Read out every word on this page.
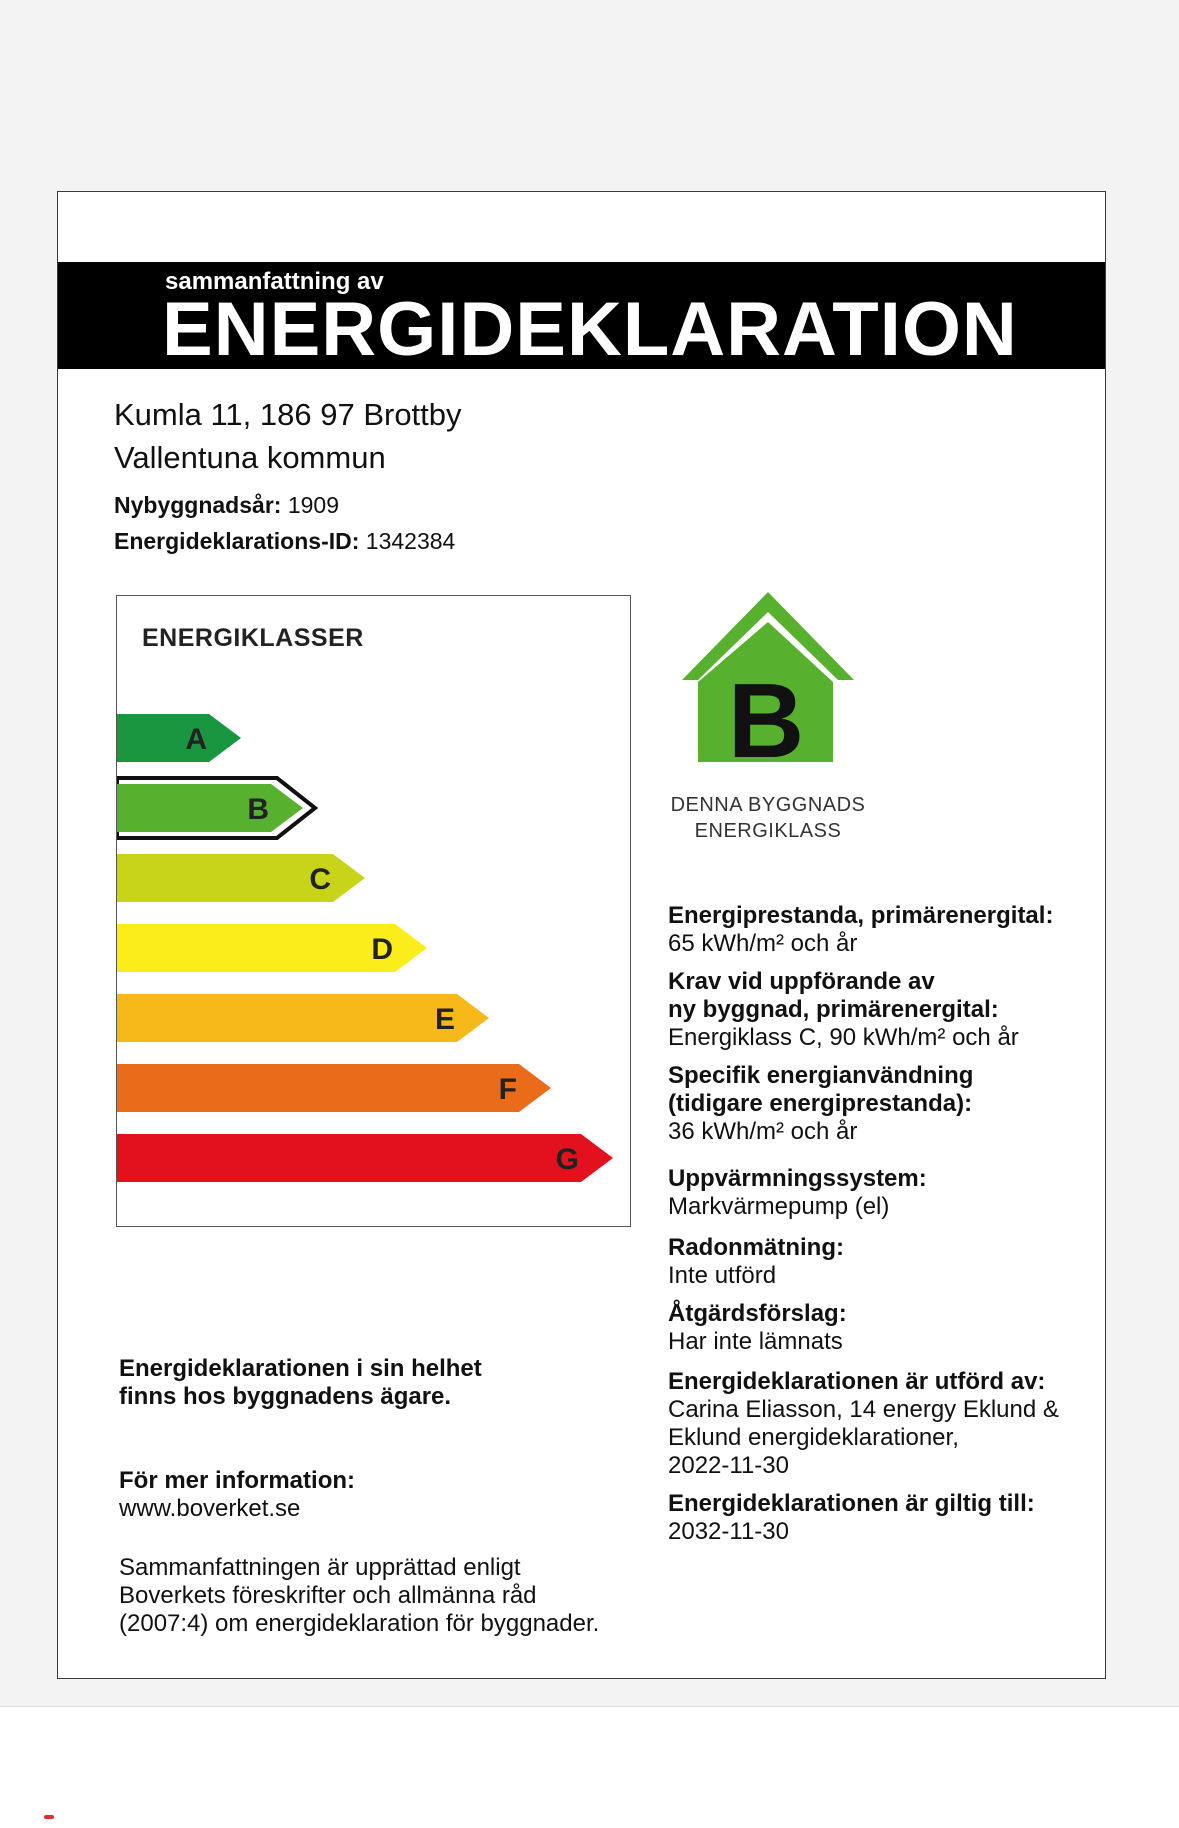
sammanfattning av
ENERGIDEKLARATION
Kumla 11, 186 97 Brottby
Vallentuna kommun
Nybyggnadsår: 1909
Energideklarations-ID: 1342384
ENERGIKLASSER
A
B
C
D
E
F
G
B
DENNA BYGGNADS
ENERGIKLASS
Energiprestanda, primärenergital:
65 kWh/m² och år
Krav vid uppförande av
ny byggnad, primärenergital:
Energiklass C, 90 kWh/m² och år
Specifik energianvändning
(tidigare energiprestanda):
36 kWh/m² och år
Uppvärmningssystem:
Markvärmepump (el)
Radonmätning:
Inte utförd
Åtgärdsförslag:
Har inte lämnats
Energideklarationen är utförd av:
Carina Eliasson, 14 energy Eklund &
Eklund energideklarationer,
2022-11-30
Energideklarationen är giltig till:
2032-11-30
Energideklarationen i sin helhet
finns hos byggnadens ägare.
För mer information:
www.boverket.se
Sammanfattningen är upprättad enligt
Boverkets föreskrifter och allmänna råd
(2007:4) om energideklaration för byggnader.
